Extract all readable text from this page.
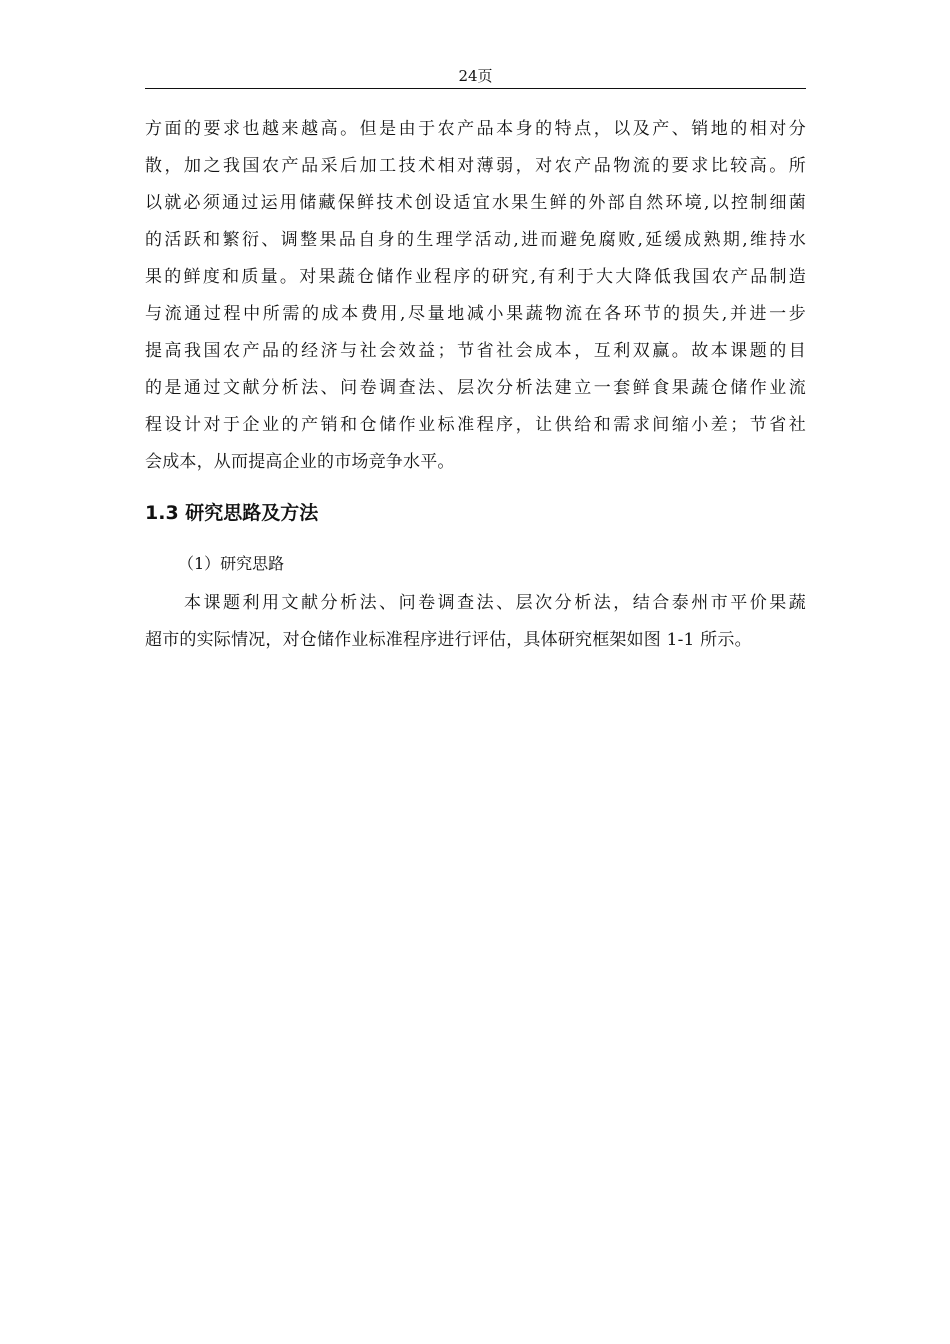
24页
方面的要求也越来越高。但是由于农产品本身的特点，以及产、销地的相对分
散，加之我国农产品采后加工技术相对薄弱，对农产品物流的要求比较高。所
以就必须通过运用储藏保鲜技术创设适宜水果生鲜的外部自然环境,以控制细菌
的活跃和繁衍、调整果品自身的生理学活动,进而避免腐败,延缓成熟期,维持水
果的鲜度和质量。对果蔬仓储作业程序的研究,有利于大大降低我国农产品制造
与流通过程中所需的成本费用,尽量地减小果蔬物流在各环节的损失,并进一步
提高我国农产品的经济与社会效益；节省社会成本，互利双赢。故本课题的目
的是通过文献分析法、问卷调查法、层次分析法建立一套鲜食果蔬仓储作业流
程设计对于企业的产销和仓储作业标准程序，让供给和需求间缩小差；节省社
会成本，从而提高企业的市场竞争水平。
1.3 研究思路及方法
（1）研究思路
　　本课题利用文献分析法、问卷调查法、层次分析法，结合泰州市平价果蔬
超市的实际情况，对仓储作业标准程序进行评估，具体研究框架如图 1-1 所示。
